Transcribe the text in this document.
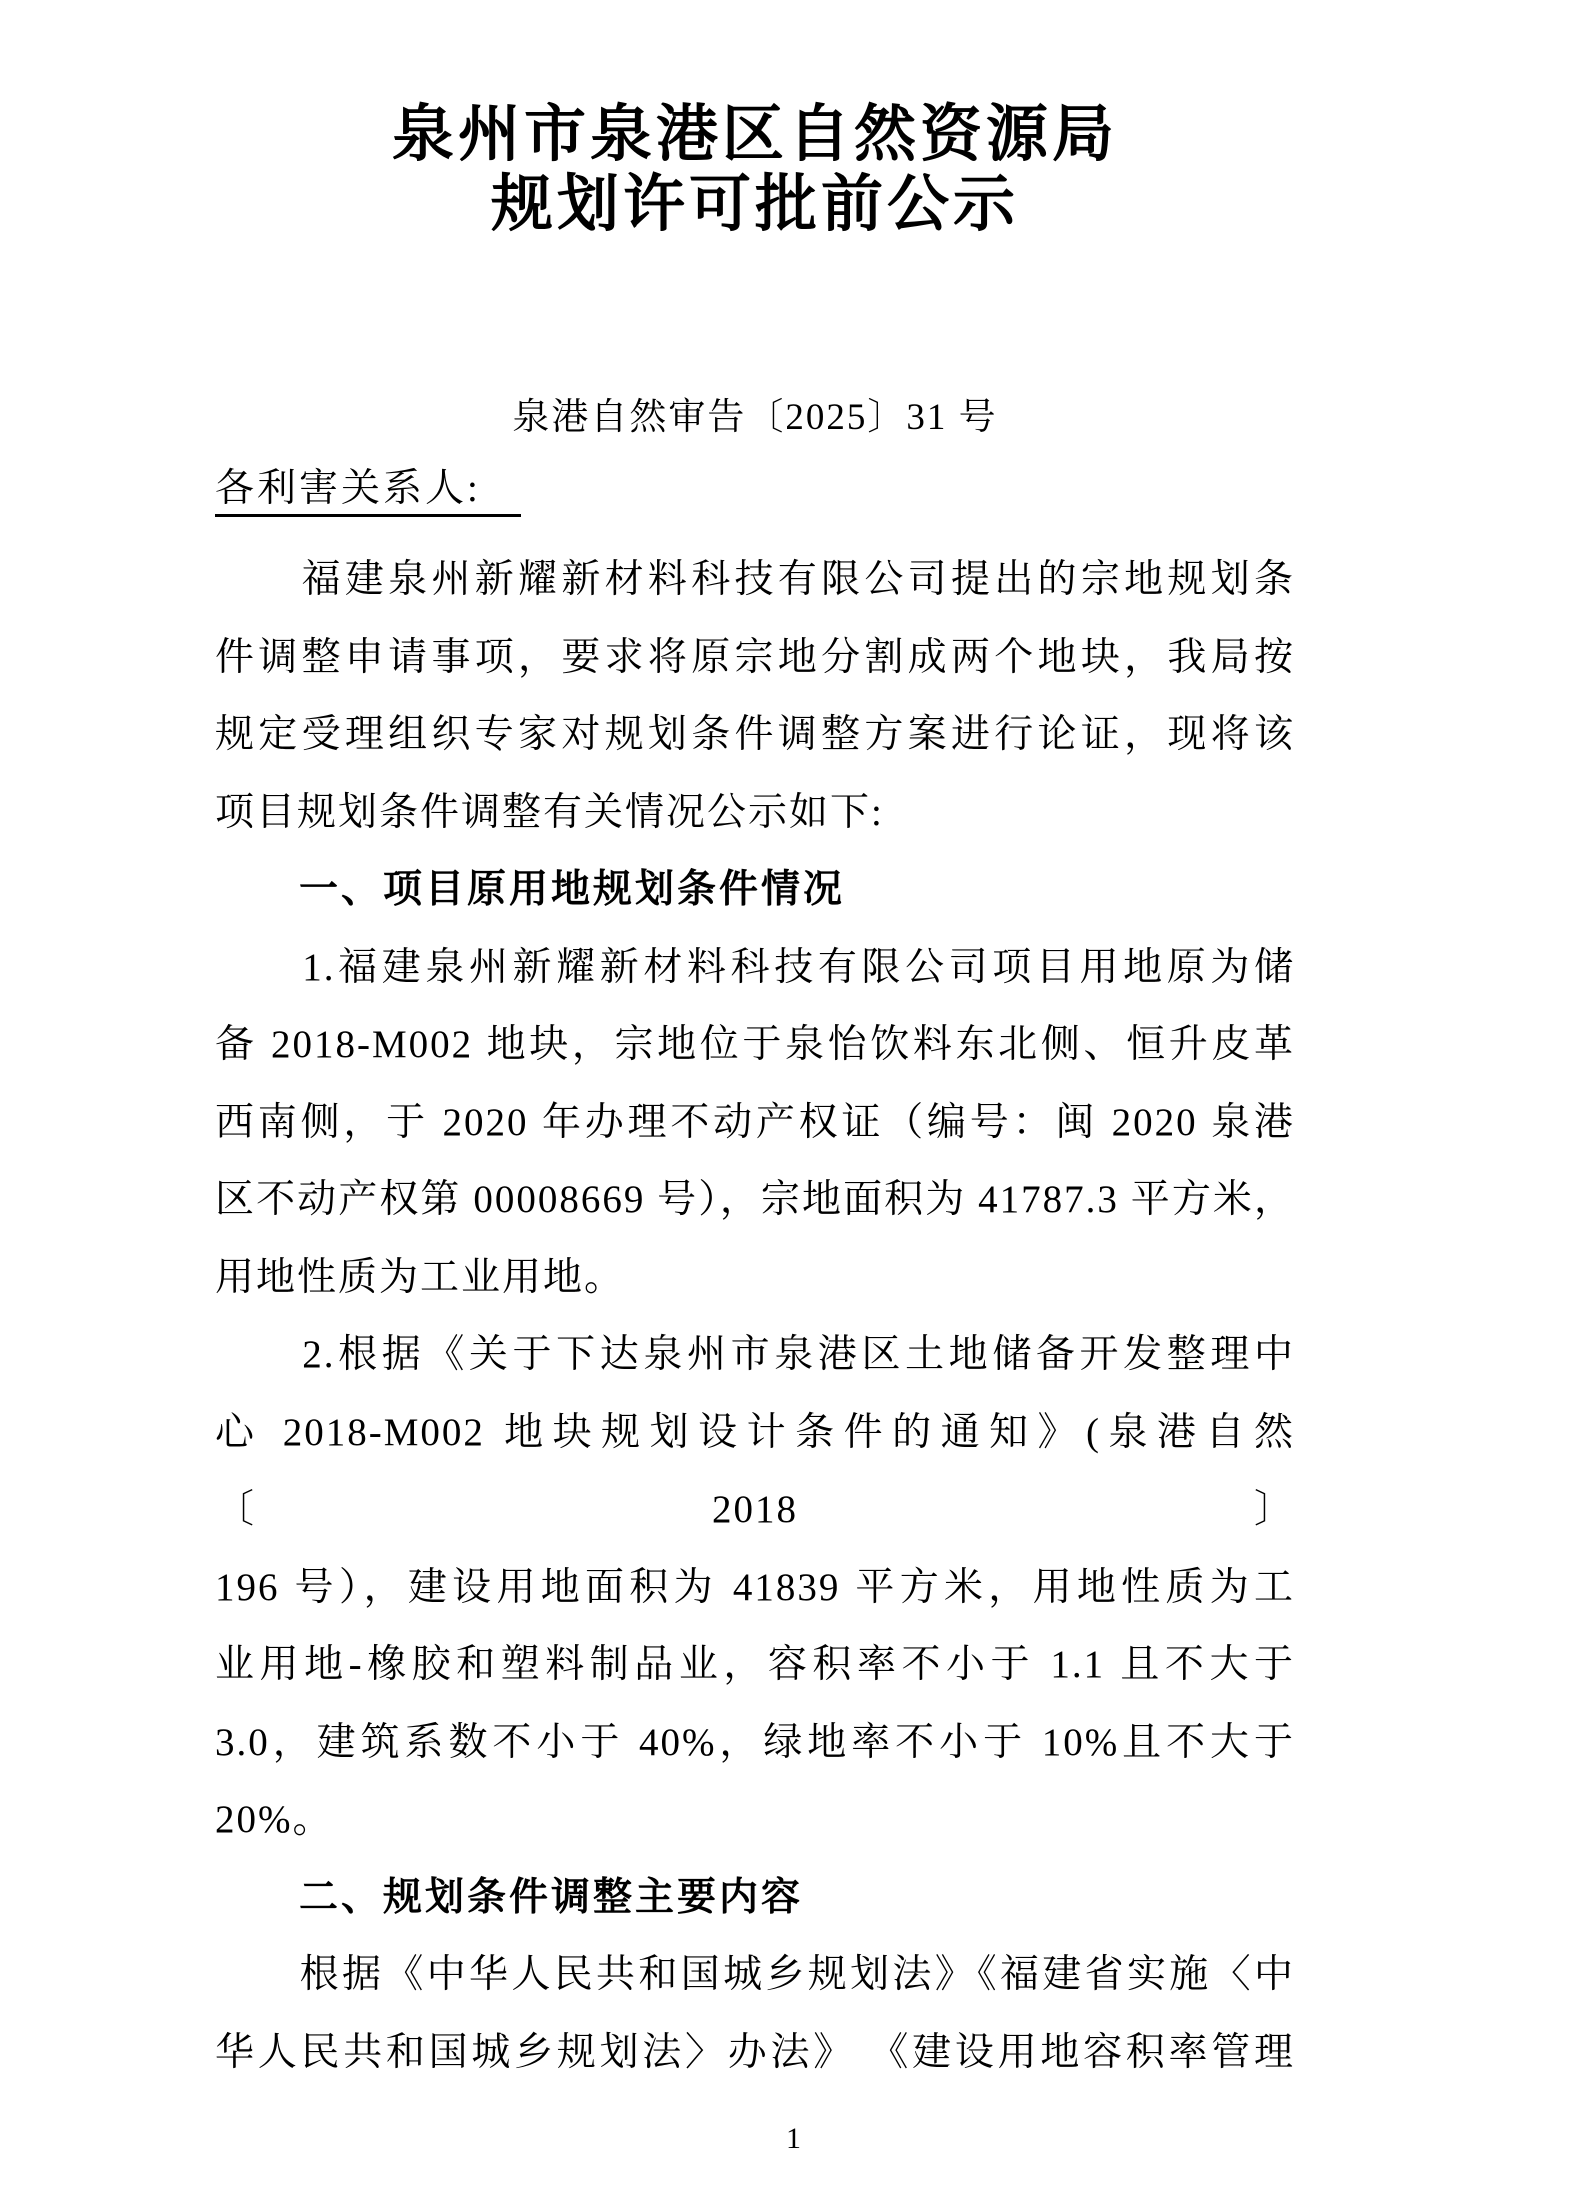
泉州市泉港区自然资源局
规划许可批前公示
泉港自然审告〔2025〕31 号
各利害关系人:
　　福建泉州新耀新材料科技有限公司提出的宗地规划条
件调整申请事项，要求将原宗地分割成两个地块，我局按
规定受理组织专家对规划条件调整方案进行论证，现将该
项目规划条件调整有关情况公示如下:
　　一、项目原用地规划条件情况
　　1.福建泉州新耀新材料科技有限公司项目用地原为储
备 2018-M002 地块，宗地位于泉怡饮料东北侧、恒升皮革
西南侧，于 2020 年办理不动产权证（编号：闽 2020 泉港
区不动产权第 00008669 号），宗地面积为 41787.3 平方米，
用地性质为工业用地。
　　2.根据《关于下达泉州市泉港区土地储备开发整理中
心 2018-M002 地块规划设计条件的通知》(泉港自然〔2018〕
196 号），建设用地面积为 41839 平方米，用地性质为工
业用地-橡胶和塑料制品业，容积率不小于 1.1 且不大于
3.0，建筑系数不小于 40%，绿地率不小于 10%且不大于
20%。
　　二、规划条件调整主要内容
　　根据《中华人民共和国城乡规划法》《福建省实施〈中
华人民共和国城乡规划法〉办法》 《建设用地容积率管理
1
